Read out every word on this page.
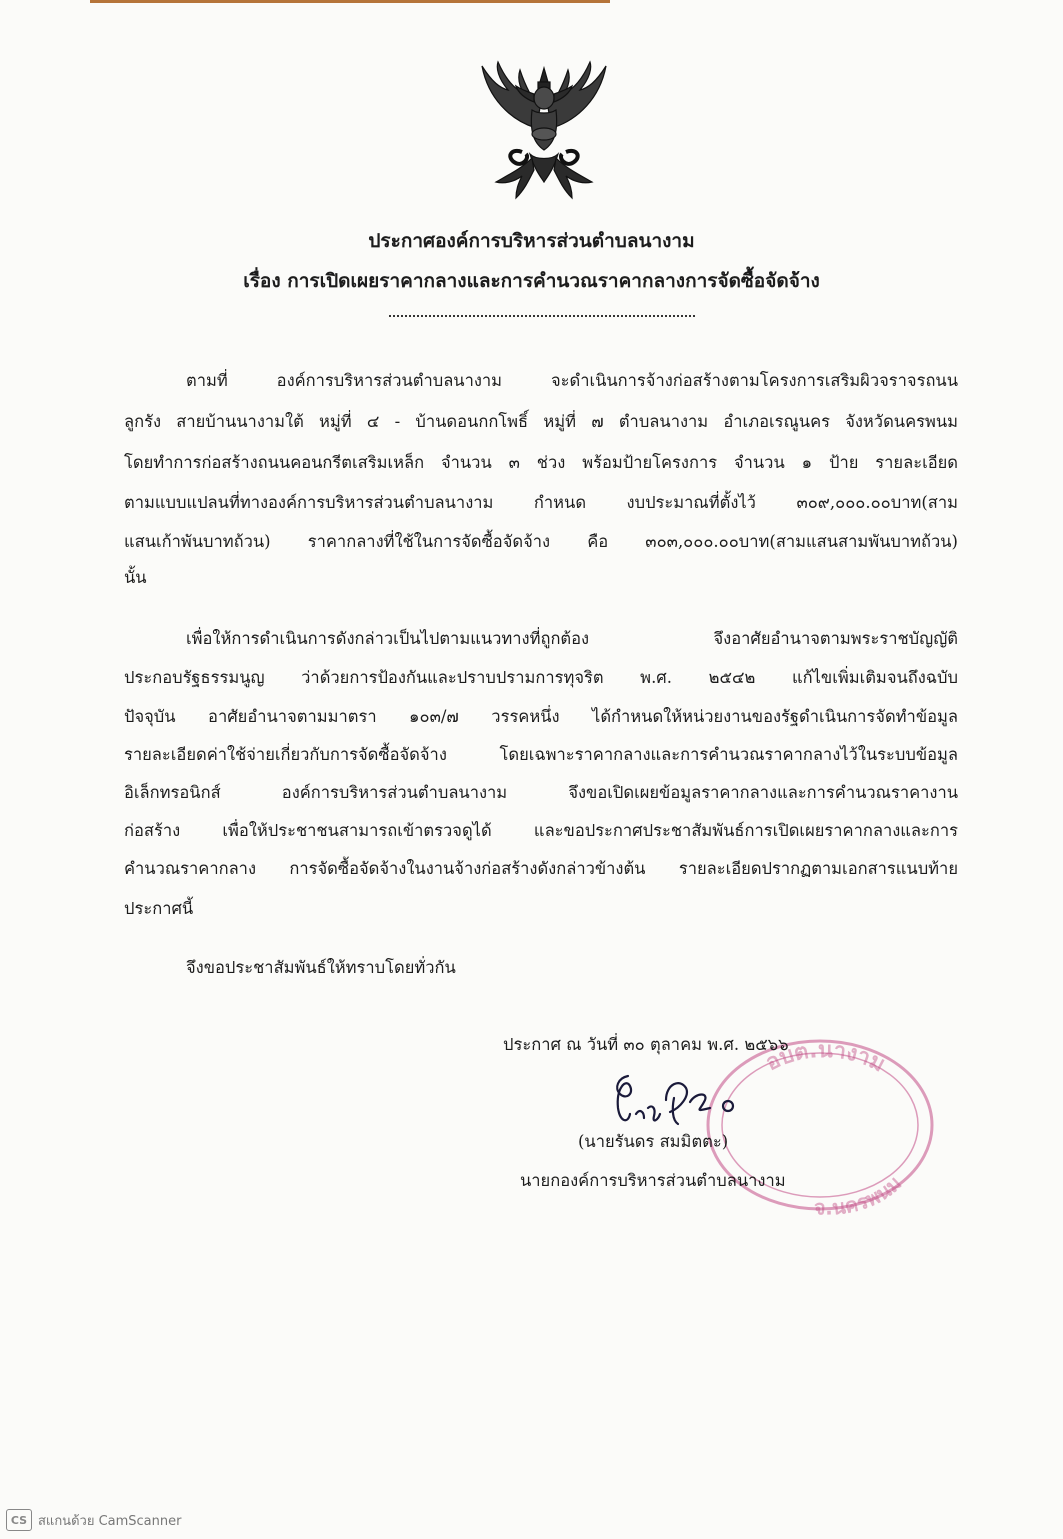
ประกาศองค์การบริหารส่วนตำบลนางาม
เรื่อง การเปิดเผยราคากลางและการคำนวณราคากลางการจัดซื้อจัดจ้าง
ตามที่ องค์การบริหารส่วนตำบลนางาม จะดำเนินการจ้างก่อสร้างตามโครงการเสริมผิวจราจรถนน
ลูกรัง สายบ้านนางามใต้ หมู่ที่ ๔ - บ้านดอนกกโพธิ์ หมู่ที่ ๗ ตำบลนางาม อำเภอเรณูนคร จังหวัดนครพนม
โดยทำการก่อสร้างถนนคอนกรีตเสริมเหล็ก จำนวน ๓ ช่วง พร้อมป้ายโครงการ จำนวน ๑ ป้าย รายละเอียด
ตามแบบแปลนที่ทางองค์การบริหารส่วนตำบลนางาม กำหนด งบประมาณที่ตั้งไว้ ๓๐๙,๐๐๐.๐๐บาท(สาม
แสนเก้าพันบาทถ้วน) ราคากลางที่ใช้ในการจัดซื้อจัดจ้าง คือ ๓๐๓,๐๐๐.๐๐บาท(สามแสนสามพันบาทถ้วน)
นั้น
เพื่อให้การดำเนินการดังกล่าวเป็นไปตามแนวทางที่ถูกต้อง จึงอาศัยอำนาจตามพระราชบัญญัติ
ประกอบรัฐธรรมนูญ ว่าด้วยการป้องกันและปราบปรามการทุจริต พ.ศ. ๒๕๔๒ แก้ไขเพิ่มเติมจนถึงฉบับ
ปัจจุบัน อาศัยอำนาจตามมาตรา ๑๐๓/๗ วรรคหนึ่ง ได้กำหนดให้หน่วยงานของรัฐดำเนินการจัดทำข้อมูล
รายละเอียดค่าใช้จ่ายเกี่ยวกับการจัดซื้อจัดจ้าง โดยเฉพาะราคากลางและการคำนวณราคากลางไว้ในระบบข้อมูล
อิเล็กทรอนิกส์ องค์การบริหารส่วนตำบลนางาม จึงขอเปิดเผยข้อมูลราคากลางและการคำนวณราคางาน
ก่อสร้าง เพื่อให้ประชาชนสามารถเข้าตรวจดูได้ และขอประกาศประชาสัมพันธ์การเปิดเผยราคากลางและการ
คำนวณราคากลาง การจัดซื้อจัดจ้างในงานจ้างก่อสร้างดังกล่าวข้างต้น รายละเอียดปรากฏตามเอกสารแนบท้าย
ประกาศนี้
จึงขอประชาสัมพันธ์ให้ทราบโดยทั่วกัน
อบต.นางาม
จ.นครพนม
ประกาศ ณ วันที่ ๓๐ ตุลาคม พ.ศ. ๒๕๖๖
(นายรันดร สมมิตตะ)
นายกองค์การบริหารส่วนตำบลนางาม
CS สแกนด้วย CamScanner
